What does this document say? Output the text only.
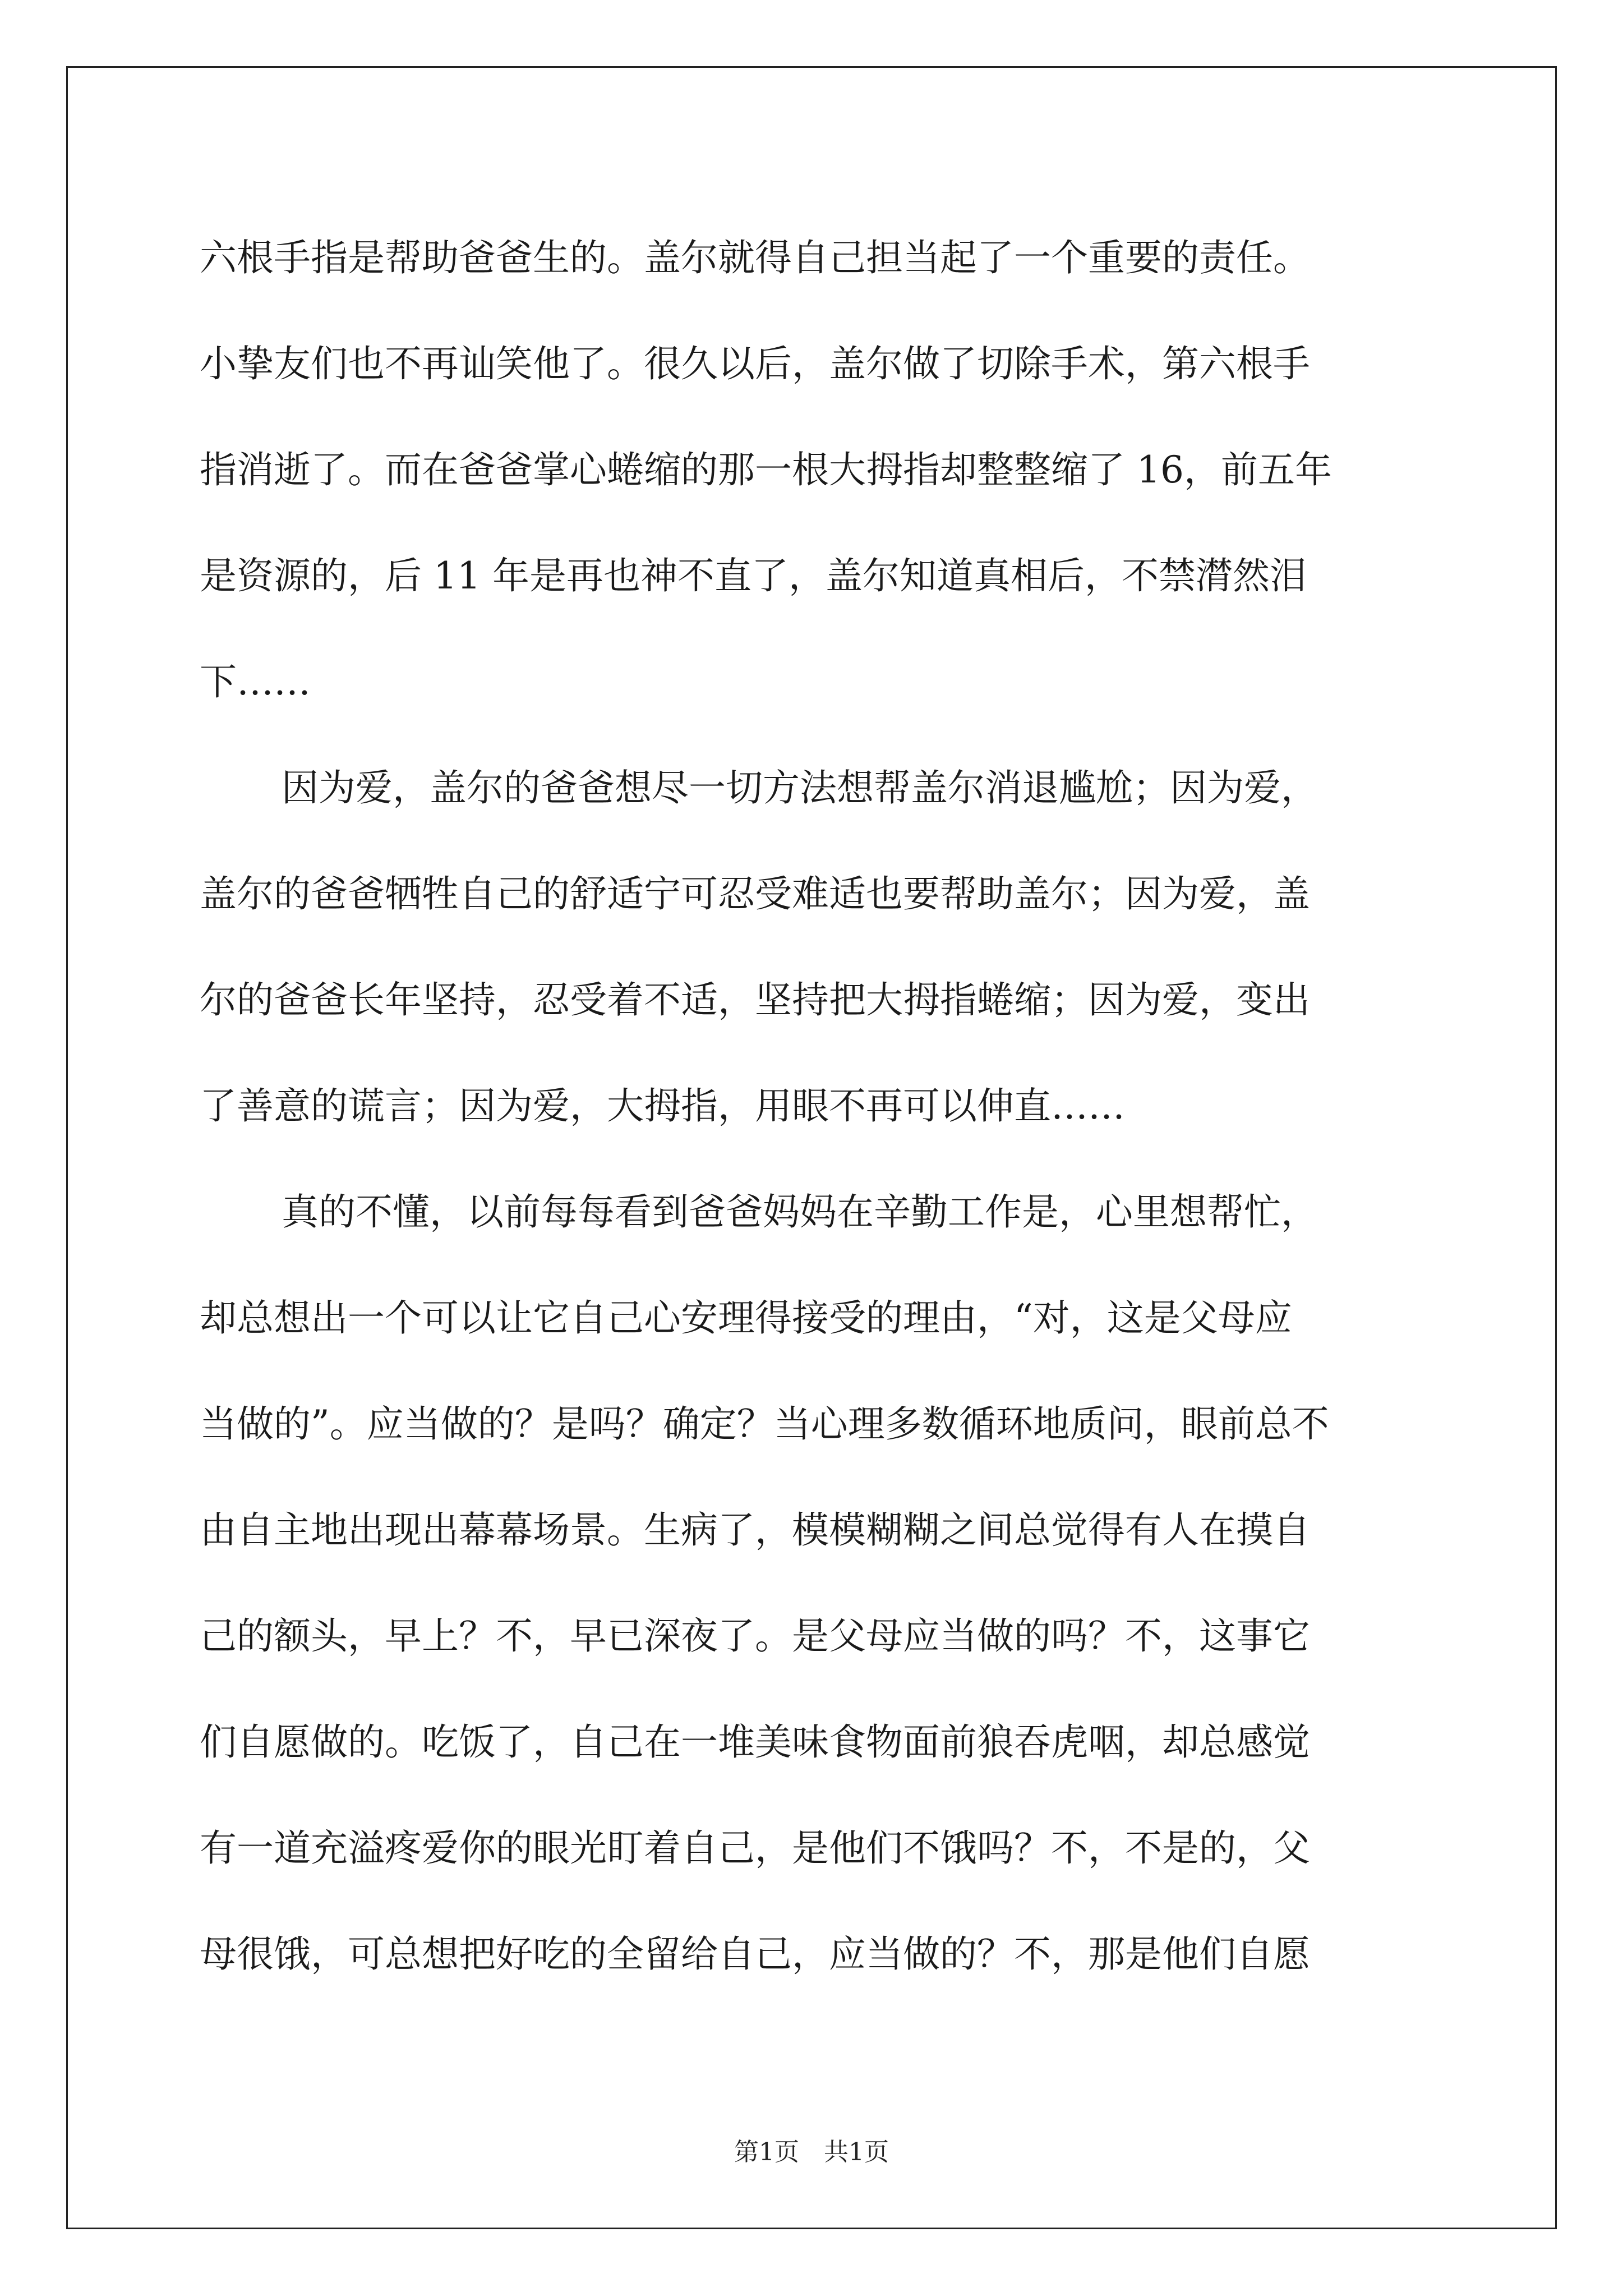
六根手指是帮助爸爸生的。盖尔就得自己担当起了一个重要的责任。
小挚友们也不再讪笑他了。很久以后，盖尔做了切除手术，第六根手
指消逝了。而在爸爸掌心蜷缩的那一根大拇指却整整缩了 16，前五年
是资源的，后 11 年是再也神不直了，盖尔知道真相后，不禁潸然泪
下……
因为爱，盖尔的爸爸想尽一切方法想帮盖尔消退尴尬；因为爱，
盖尔的爸爸牺牲自己的舒适宁可忍受难适也要帮助盖尔；因为爱，盖
尔的爸爸长年坚持，忍受着不适，坚持把大拇指蜷缩；因为爱，变出
了善意的谎言；因为爱，大拇指，用眼不再可以伸直……
真的不懂，以前每每看到爸爸妈妈在辛勤工作是，心里想帮忙，
却总想出一个可以让它自己心安理得接受的理由，“对，这是父母应
当做的”。应当做的？是吗？确定？当心理多数循环地质问，眼前总不
由自主地出现出幕幕场景。生病了，模模糊糊之间总觉得有人在摸自
己的额头，早上？不，早已深夜了。是父母应当做的吗？不，这事它
们自愿做的。吃饭了，自己在一堆美味食物面前狼吞虎咽，却总感觉
有一道充溢疼爱你的眼光盯着自己，是他们不饿吗？不，不是的，父
母很饿，可总想把好吃的全留给自己，应当做的？不，那是他们自愿
第1页　共1页
